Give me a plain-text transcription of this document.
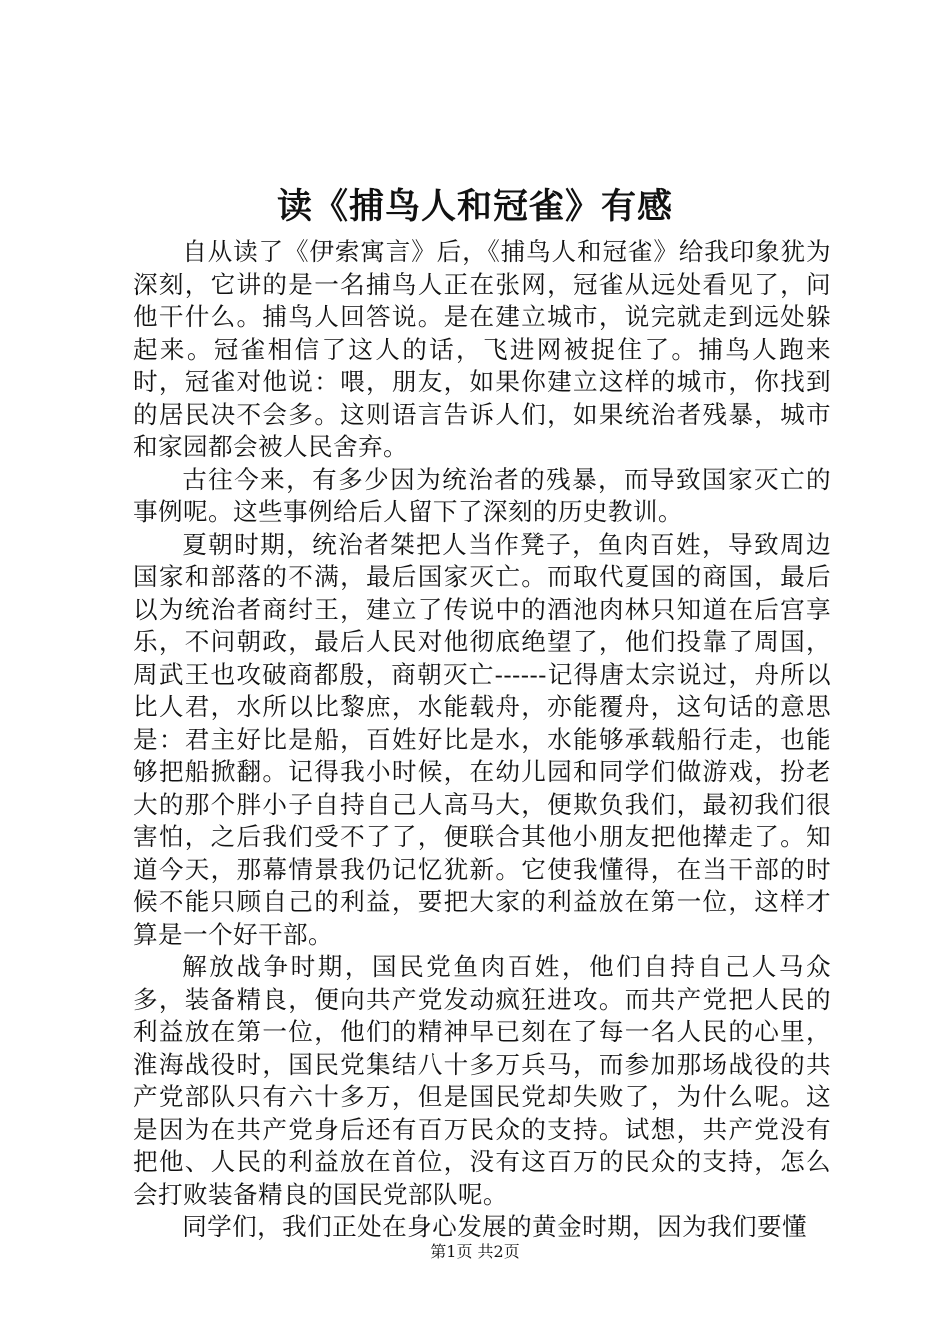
读《捕鸟人和冠雀》有感

自从读了《伊索寓言》后，《捕鸟人和冠雀》给我印象犹为深刻，它讲的是一名捕鸟人正在张网，冠雀从远处看见了，问他干什么。捕鸟人回答说。是在建立城市，说完就走到远处躲起来。冠雀相信了这人的话，飞进网被捉住了。捕鸟人跑来时，冠雀对他说：喂，朋友，如果你建立这样的城市，你找到的居民决不会多。这则语言告诉人们，如果统治者残暴，城市和家园都会被人民舍弃。

古往今来，有多少因为统治者的残暴，而导致国家灭亡的事例呢。这些事例给后人留下了深刻的历史教训。

夏朝时期，统治者桀把人当作凳子，鱼肉百姓，导致周边国家和部落的不满，最后国家灭亡。而取代夏国的商国，最后以为统治者商纣王，建立了传说中的酒池肉林只知道在后宫享乐，不问朝政，最后人民对他彻底绝望了，他们投靠了周国，周武王也攻破商都殷，商朝灭亡------记得唐太宗说过，舟所以比人君，水所以比黎庶，水能载舟，亦能覆舟，这句话的意思是：君主好比是船，百姓好比是水，水能够承载船行走，也能够把船掀翻。记得我小时候，在幼儿园和同学们做游戏，扮老大的那个胖小子自持自己人高马大，便欺负我们，最初我们很害怕，之后我们受不了了，便联合其他小朋友把他撵走了。知道今天，那幕情景我仍记忆犹新。它使我懂得，在当干部的时候不能只顾自己的利益，要把大家的利益放在第一位，这样才算是一个好干部。

解放战争时期，国民党鱼肉百姓，他们自持自己人马众多，装备精良，便向共产党发动疯狂进攻。而共产党把人民的利益放在第一位，他们的精神早已刻在了每一名人民的心里，淮海战役时，国民党集结八十多万兵马，而参加那场战役的共产党部队只有六十多万，但是国民党却失败了，为什么呢。这是因为在共产党身后还有百万民众的支持。试想，共产党没有把他、人民的利益放在首位，没有这百万的民众的支持，怎么会打败装备精良的国民党部队呢。

同学们，我们正处在身心发展的黄金时期，因为我们要懂

第1页 共2页
